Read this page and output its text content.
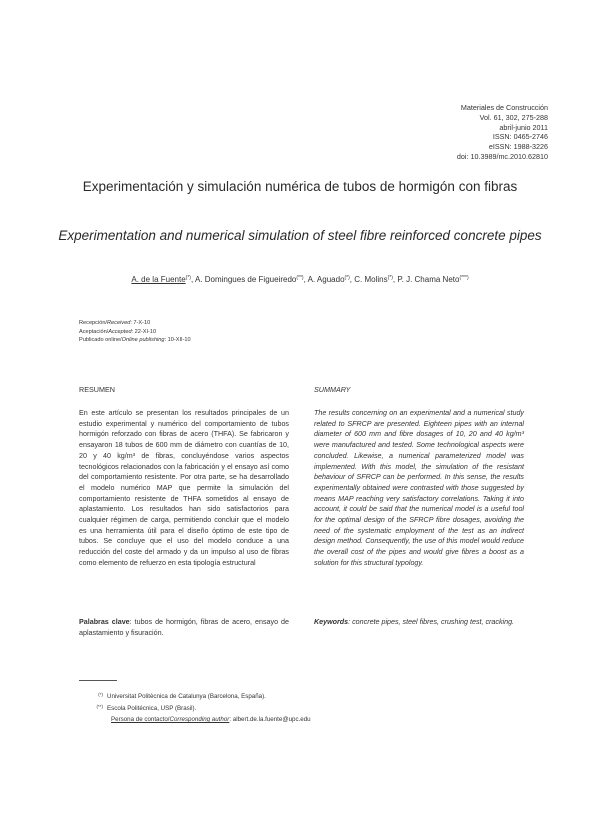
Materiales de Construcción
Vol. 61, 302, 275-288
abril-junio 2011
ISSN: 0465-2746
eISSN: 1988-3226
doi: 10.3989/mc.2010.62810
Experimentación y simulación numérica de tubos de hormigón con fibras
Experimentation and numerical simulation of steel fibre reinforced concrete pipes
A. de la Fuente(*), A. Domingues de Figueiredo(**), A. Aguado(*), C. Molins(*), P. J. Chama Neto(***)
Recepción/Received: 7-X-10
Aceptación/Accepted: 22-XI-10
Publicado online/Online publishing: 10-XII-10
RESUMEN
En este artículo se presentan los resultados principales de un estudio experimental y numérico del comportamiento de tubos hormigón reforzado con fibras de acero (THFA). Se fabricaron y ensayaron 18 tubos de 600 mm de diámetro con cuantías de 10, 20 y 40 kg/m³ de fibras, concluyéndose varios aspectos tecnológicos relacionados con la fabricación y el ensayo así como del comportamiento resistente. Por otra parte, se ha desarrollado el modelo numérico MAP que permite la simulación del comportamiento resistente de THFA sometidos al ensayo de aplastamiento. Los resultados han sido satisfactorios para cualquier régimen de carga, permitiendo concluir que el modelo es una herramienta útil para el diseño óptimo de este tipo de tubos. Se concluye que el uso del modelo conduce a una reducción del coste del armado y da un impulso al uso de fibras como elemento de refuerzo en esta tipología estructural
Palabras clave: tubos de hormigón, fibras de acero, ensayo de aplastamiento y fisuración.
SUMMARY
The results concerning on an experimental and a numerical study related to SFRCP are presented. Eighteen pipes with an internal diameter of 600 mm and fibre dosages of 10, 20 and 40 kg/m³ were manufactured and tested. Some technological aspects were concluded. Likewise, a numerical parameterized model was implemented. With this model, the simulation of the resistant behaviour of SFRCP can be performed. In this sense, the results experimentally obtained were contrasted with those suggested by means MAP reaching very satisfactory correlations. Taking it into account, it could be said that the numerical model is a useful tool for the optimal design of the SFRCP fibre dosages, avoiding the need of the systematic employment of the test as an indirect design method. Consequently, the use of this model would reduce the overall cost of the pipes and would give fibres a boost as a solution for this structural typology.
Keywords: concrete pipes, steel fibres, crushing test, cracking.
(*) Universitat Politècnica de Catalunya (Barcelona, España).
(**) Escola Politécnica, USP (Brasil).
Persona de contacto/Corresponding author: albert.de.la.fuente@upc.edu
